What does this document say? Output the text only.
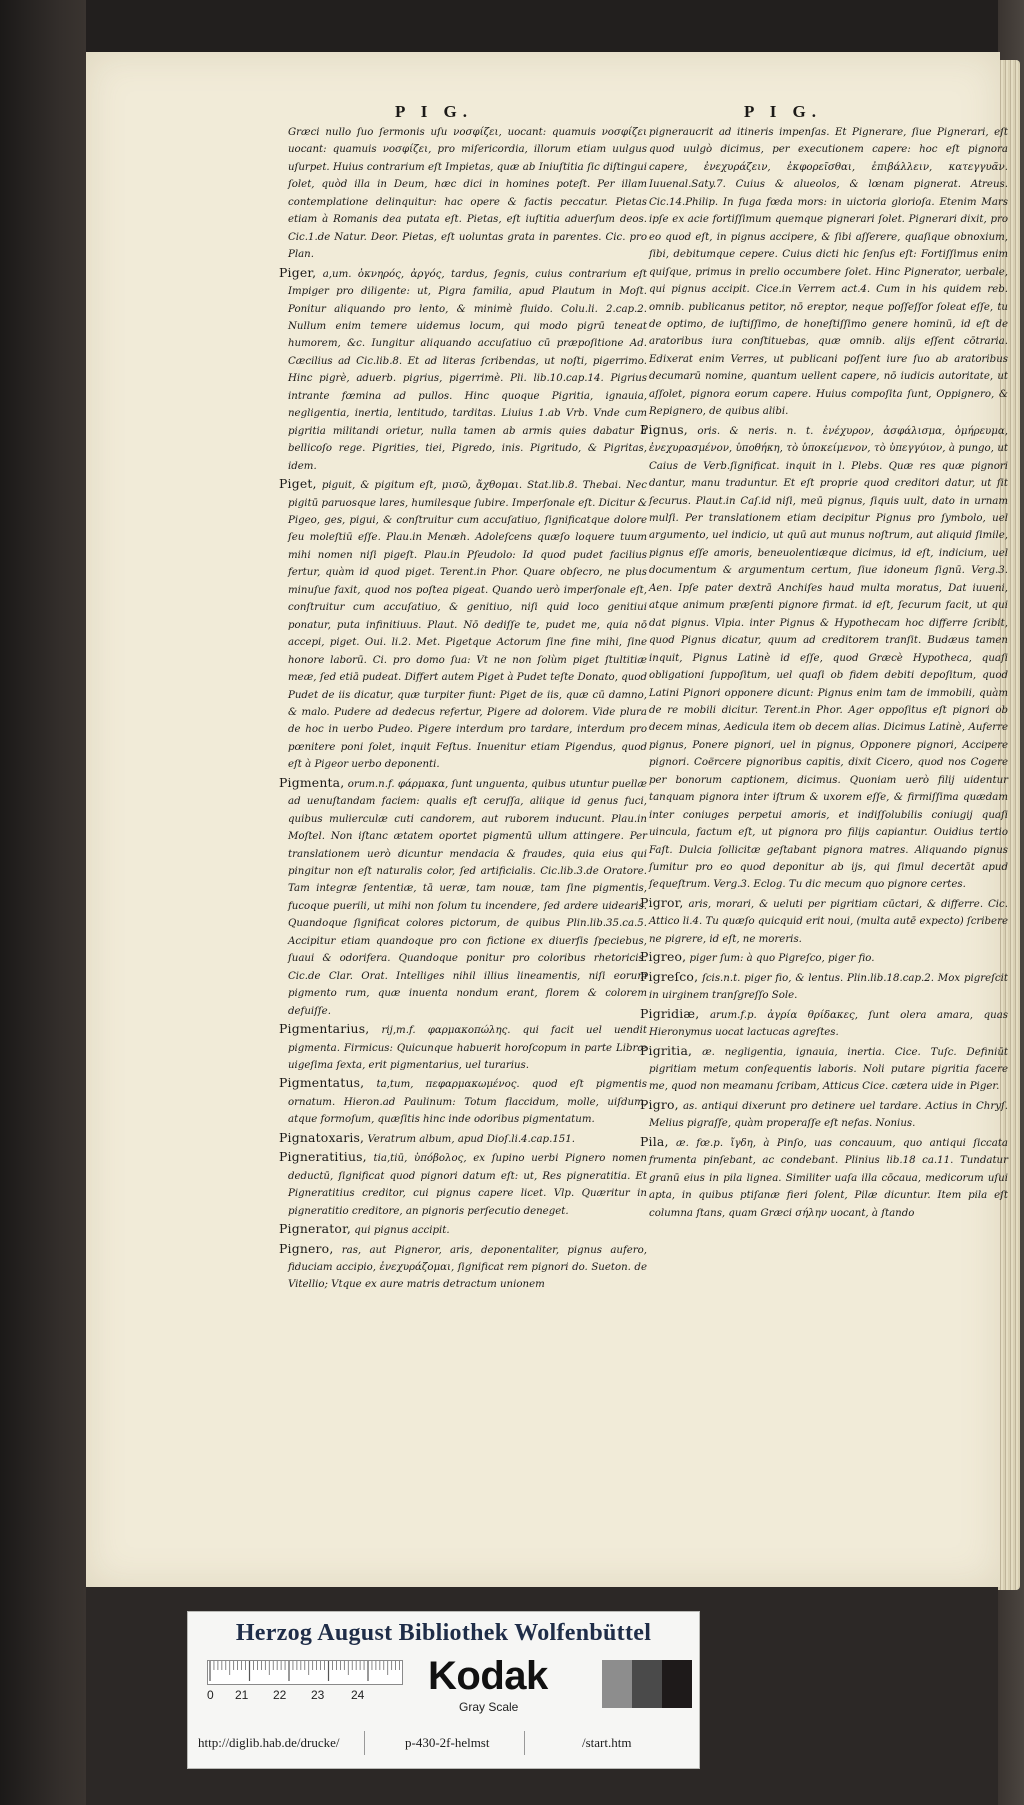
P I G.	P I G.

Græci nullo ſuo ſermonis uſu νοσφίζει, uocant: quamuis νοσφίζει uocant: quamuis νοσφίζει, pro miſericordia, illorum etiam uulgus uſurpet. Huius contrarium eſt Impietas, quæ ab Iniuſtitia ſic diſtingui ſolet, quòd illa in Deum, hæc dici in homines poteſt. Per illam contemplatione delinquitur: hac opere & factis peccatur. Pietas etiam à Romanis dea putata eſt. Pietas, eſt iuſtitia aduerſum deos. Cic.1.de Natur. Deor. Pietas, eſt uoluntas grata in parentes. Cic. pro Plan.

Piger, a,um. ὀκνηρός, ἀργός, tardus, ſegnis, cuius contrarium eſt Impiger pro diligente: ut, Pigra familia, apud Plautum in Moſt. Ponitur aliquando pro lento, & minimè fluido. Colu.li. 2.cap.2. Nullum enim temere uidemus locum, qui modo pigrū teneat humorem, &c. Iungitur aliquando accuſatiuo cū præpoſitione Ad. Cæcilius ad Cic.lib.8. Et ad literas ſcribendas, ut noſti, pigerrimo. Hinc pigrè, aduerb. pigrius, pigerrimè. Pli. lib.10.cap.14. Pigrius intrante fœmina ad pullos. Hinc quoque Pigritia, ignauia, negligentia, inertia, lentitudo, tarditas. Liuius 1.ab Vrb. Vnde cum pigritia militandi orietur, nulla tamen ab armis quies dabatur à bellicoſo rege. Pigrities, tiei, Pigredo, inis. Pigritudo, & Pigritas, idem.

Piget, piguit, & pigitum eſt, μισῶ, ἄχθομαι. Stat.lib.8. Thebai. Nec pigitū paruosque lares, humilesque ſubire. Imperſonale eſt. Dicitur & Pigeo, ges, pigui, & conſtruitur cum accuſatiuo, ſignificatque dolore ſeu moleſtiū eſſe. Plau.in Menæh. Adoleſcens quæſo loquere tuum mihi nomen niſi pigeſt. Plau.in Pſeudolo: Id quod pudet facilius fertur, quàm id quod piget. Terent.in Phor. Quare obſecro, ne plus minuſue faxit, quod nos poſtea pigeat. Quando uerò imperſonale eſt, conſtruitur cum accuſatiuo, & genitiuo, niſi quid loco genitiui ponatur, puta infinitiuus. Plaut. Nō dediſſe te, pudet me, quia nō accepi, piget. Oui. li.2. Met. Pigetque Actorum ſine fine mihi, ſine honore laborū. Ci. pro domo ſua: Vt ne non ſolùm piget ſtultitiæ meæ, ſed etiā pudeat. Differt autem Piget à Pudet teſte Donato, quod Pudet de iis dicatur, quæ turpiter fiunt: Piget de iis, quæ cū damno, & malo. Pudere ad dedecus refertur, Pigere ad dolorem. Vide plura de hoc in uerbo Pudeo. Pigere interdum pro tardare, interdum pro pœnitere poni ſolet, inquit Feſtus. Inuenitur etiam Pigendus, quod eſt à Pigeor uerbo deponenti.

Pigmenta, orum.n.f. φάρμακα, ſunt unguenta, quibus utuntur puellæ ad uenuſtandam faciem: qualis eſt ceruſſa, aliique id genus fuci, quibus mulierculæ cuti candorem, aut ruborem inducunt. Plau.in Moſtel. Non iſtanc ætatem oportet pigmentū ullum attingere. Per translationem uerò dicuntur mendacia & fraudes, quia eius qui pingitur non eſt naturalis color, ſed artificialis. Cic.lib.3.de Oratore. Tam integræ ſententiæ, tā ueræ, tam nouæ, tam ſine pigmentis, fucoque puerili, ut mihi non ſolum tu incendere, ſed ardere uidearis. Quandoque ſignificat colores pictorum, de quibus Plin.lib.35.ca.5. Accipitur etiam quandoque pro con fictione ex diuerſis ſpeciebus, ſuaui & odorifera. Quandoque ponitur pro coloribus rhetoricis. Cic.de Clar. Orat. Intelliges nihil illius lineamentis, niſi eorum pigmento rum, quæ inuenta nondum erant, florem & colorem defuiſſe.

Pigmentarius, rij,m.f. φαρμακοπώλης. qui facit uel uendit pigmenta. Firmicus: Quicunque habuerit horoſcopum in parte Libræ uigeſima ſexta, erit pigmentarius, uel turarius.

Pigmentatus, ta,tum, πεφαρμακωμένος. quod eſt pigmentis ornatum. Hieron.ad Paulinum: Totum flaccidum, molle, uiſdum, atque formoſum, quæſitis hinc inde odoribus pigmentatum.

Pignatoxaris, Veratrum album, apud Dioſ.li.4.cap.151.

Pigneratitius, tia,tiū, ὑπόβολος, ex ſupino uerbi Pignero nomen deductū, ſignificat quod pignori datum eſt: ut, Res pigneratitia. Et Pigneratitius creditor, cui pignus capere licet. Vlp. Quæritur in pigneratitio creditore, an pignoris perſecutio deneget.

Pignerator, qui pignus accipit.

Pignero, ras, aut Pigneror, aris, deponentaliter, pignus aufero, fiduciam accipio, ἐνεχυράζομαι, ſignificat rem pignori do. Sueton. de Vitellio; Vtque ex aure matris detractum unionem

pigneraucrit ad itineris impenſas. Et Pignerare, ſiue Pignerari, eſt quod uulgò dicimus, per executionem capere: hoc eſt pignora capere, ἐνεχυράζειν, ἐκφορεῖσθαι, ἐπιβάλλειν, κατεγγυᾶν. Iuuenal.Saty.7. Cuius & alueolos, & lœnam pignerat. Atreus. Cic.14.Philip. In fuga fœda mors: in uictoria glorioſa. Etenim Mars ipſe ex acie fortiſſimum quemque pignerari ſolet. Pignerari dixit, pro eo quod eſt, in pignus accipere, & ſibi aſſerere, quaſique obnoxium, ſibi, debitumque cepere. Cuius dicti hic ſenſus eſt: Fortiſſimus enim quiſque, primus in prelio occumbere ſolet. Hinc Pignerator, uerbale, qui pignus accipit. Cice.in Verrem act.4. Cum in his quidem reb. omnib. publicanus petitor, nō ereptor, neque poſſeſſor ſoleat eſſe, tu de optimo, de iuſtiſſimo, de honeſtiſſimo genere hominū, id eſt de aratoribus iura conſtituebas, quæ omnib. alijs eſſent cōtraria. Edixerat enim Verres, ut publicani poſſent iure ſuo ab aratoribus decumarū nomine, quantum uellent capere, nō iudicis autoritate, ut aſſolet, pignora eorum capere. Huius compoſita ſunt, Oppignero, & Repignero, de quibus alibi.

Pignus, oris. & neris. n. t. ἐνέχυρον, ἀσφάλισμα, ὁμήρευμα, ἐνεχυρασμένον, ὑποθήκη, τὸ ὑποκείμενον, τὸ ὑπεγγύιον, à pungo, ut Caius de Verb.ſignificat. inquit in l. Plebs. Quæ res quæ pignori dantur, manu traduntur. Et eſt proprie quod creditori datur, ut ſit ſecurus. Plaut.in Caſ.id niſi, meū pignus, ſiquis uult, dato in urnam mulſi. Per translationem etiam decipitur Pignus pro ſymbolo, uel argumento, uel indicio, ut quū aut munus noſtrum, aut aliquid ſimile, pignus eſſe amoris, beneuolentiæque dicimus, id eſt, indicium, uel documentum & argumentum certum, ſiue idoneum ſignū. Verg.3. Aen. Ipſe pater dextrā Anchiſes haud multa moratus, Dat iuueni, atque animum præſenti pignore firmat. id eſt, ſecurum facit, ut qui dat pignus. Vlpia. inter Pignus & Hypothecam hoc differre ſcribit, quod Pignus dicatur, quum ad creditorem tranſit. Budæus tamen inquit, Pignus Latinè id eſſe, quod Græcè Hypotheca, quaſi obligationi ſuppoſitum, uel quaſi ob fidem debiti depoſitum, quod Latini Pignori opponere dicunt: Pignus enim tam de immobili, quàm de re mobili dicitur. Terent.in Phor. Ager oppoſitus eſt pignori ob decem minas, Aedicula item ob decem alias. Dicimus Latinè, Auferre pignus, Ponere pignori, uel in pignus, Opponere pignori, Accipere pignori. Coërcere pignoribus capitis, dixit Cicero, quod nos Cogere per bonorum captionem, dicimus. Quoniam uerò filij uidentur tanquam pignora inter iſtrum & uxorem eſſe, & firmiſſima quædam inter coniuges perpetui amoris, et indiſſolubilis coniugij quaſi uincula, factum eſt, ut pignora pro filijs capiantur. Ouidius tertio Faſt. Dulcia ſollicitæ geſtabant pignora matres. Aliquando pignus ſumitur pro eo quod deponitur ab ijs, qui ſimul decertāt apud ſequeſtrum. Verg.3. Eclog. Tu dic mecum quo pignore certes.

Pigror, aris, morari, & ueluti per pigritiam cūctari, & differre. Cic. Attico li.4. Tu quæſo quicquid erit noui, (multa autē expecto) ſcribere ne pigrere, id eſt, ne moreris.

Pigreo, piger ſum: à quo Pigreſco, piger fio.

Pigreſco, ſcis.n.t. piger fio, & lentus. Plin.lib.18.cap.2. Mox pigreſcit in uirginem tranſgreſſo Sole.

Pigridiæ, arum.f.p. ἀγρία θρίδακες, ſunt olera amara, quas Hieronymus uocat lactucas agreſtes.

Pigritia, æ. negligentia, ignauia, inertia. Cice. Tuſc. Definiūt pigritiam metum conſequentis laboris. Noli putare pigritia facere me, quod non meamanu ſcribam, Atticus Cice. cætera uide in Piger.

Pigro, as. antiqui dixerunt pro detinere uel tardare. Actius in Chryſ. Melius pigraſſe, quàm properaſſe eſt nefas. Nonius.

Pila, æ. fœ.p. ἴγδη, à Pinſo, uas concauum, quo antiqui ſiccata frumenta pinſebant, ac condebant. Plinius lib.18 ca.11. Tundatur granū eius in pila lignea. Similiter uaſa illa cōcaua, medicorum uſui apta, in quibus ptiſanæ fieri ſolent, Pilæ dicuntur. Item pila eſt columna ſtans, quam Græci σήλην uocant, à ſtando

Herzog August Bibliothek Wolfenbüttel
0 21 22 23 24 Kodak
Gray Scale
http://diglib.hab.de/drucke/	p-430-2f-helmst	/start.htm
